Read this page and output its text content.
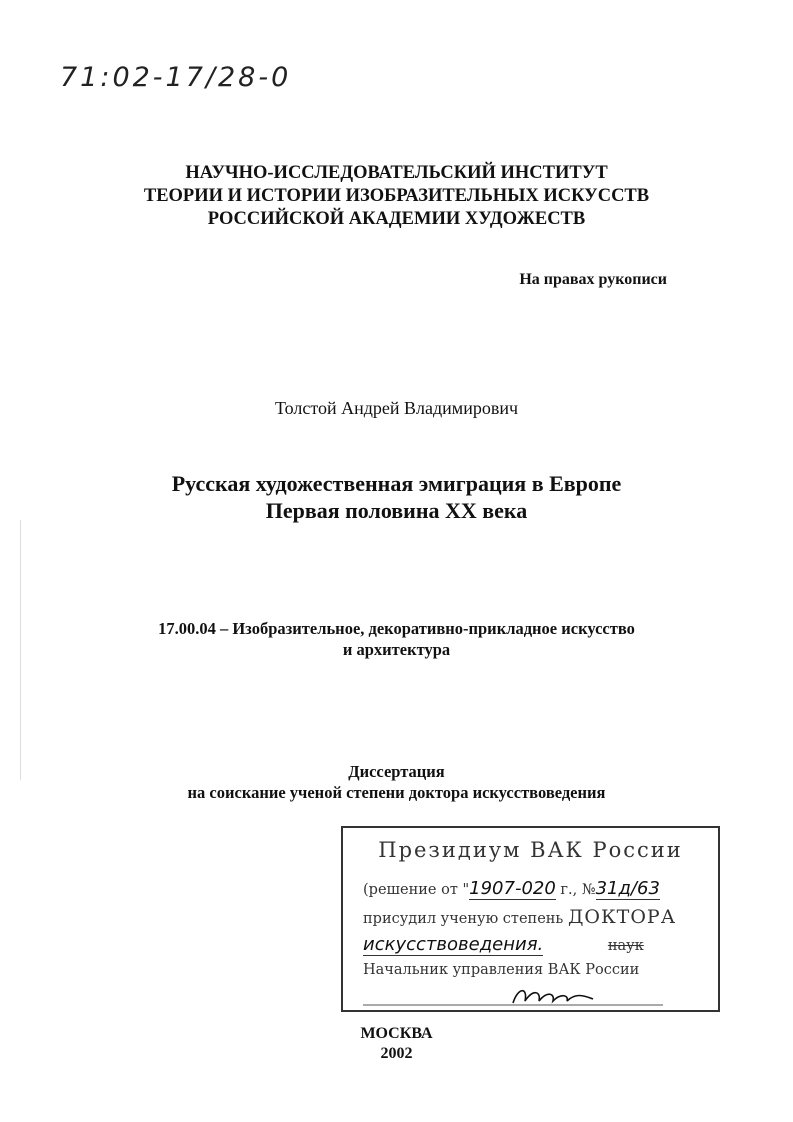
71:02-17/28-0
НАУЧНО-ИССЛЕДОВАТЕЛЬСКИЙ ИНСТИТУТ
ТЕОРИИ И ИСТОРИИ ИЗОБРАЗИТЕЛЬНЫХ ИСКУССТВ
РОССИЙСКОЙ АКАДЕМИИ ХУДОЖЕСТВ
На правах рукописи
Толстой Андрей Владимирович
Русская художественная эмиграция в Европе
Первая половина XX века
17.00.04 – Изобразительное, декоративно-прикладное искусство
и архитектура
Диссертация
на соискание ученой степени доктора искусствоведения
Президиум ВАК России
(решение от "1907-020 г., №31д/63
присудил ученую степень ДОКТОРА
искусствоведения.	наук
Начальник управления ВАК России
МОСКВА
2002
